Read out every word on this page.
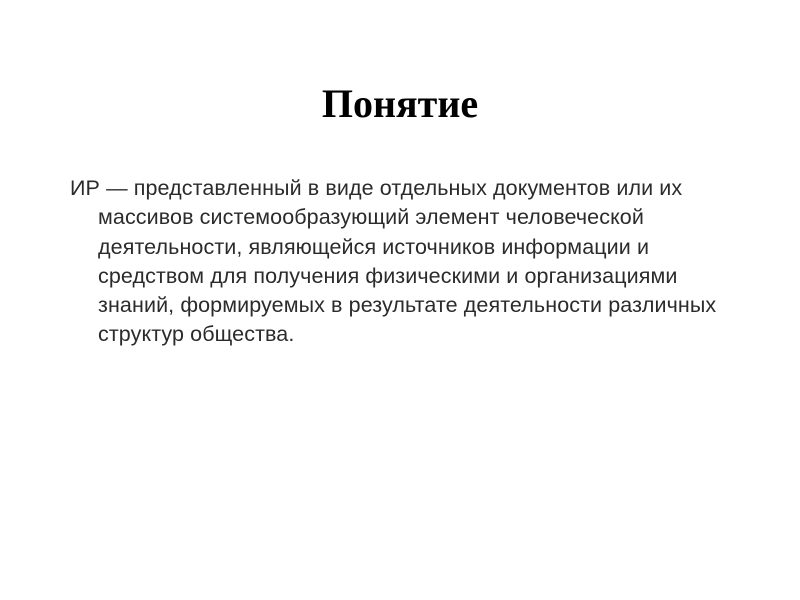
Понятие

ИР — представленный в виде отдельных документов или их массивов системообразующий элемент человеческой деятельности, являющейся источников информации и средством для получения физическими и организациями знаний, формируемых в результате деятельности различных структур общества.
